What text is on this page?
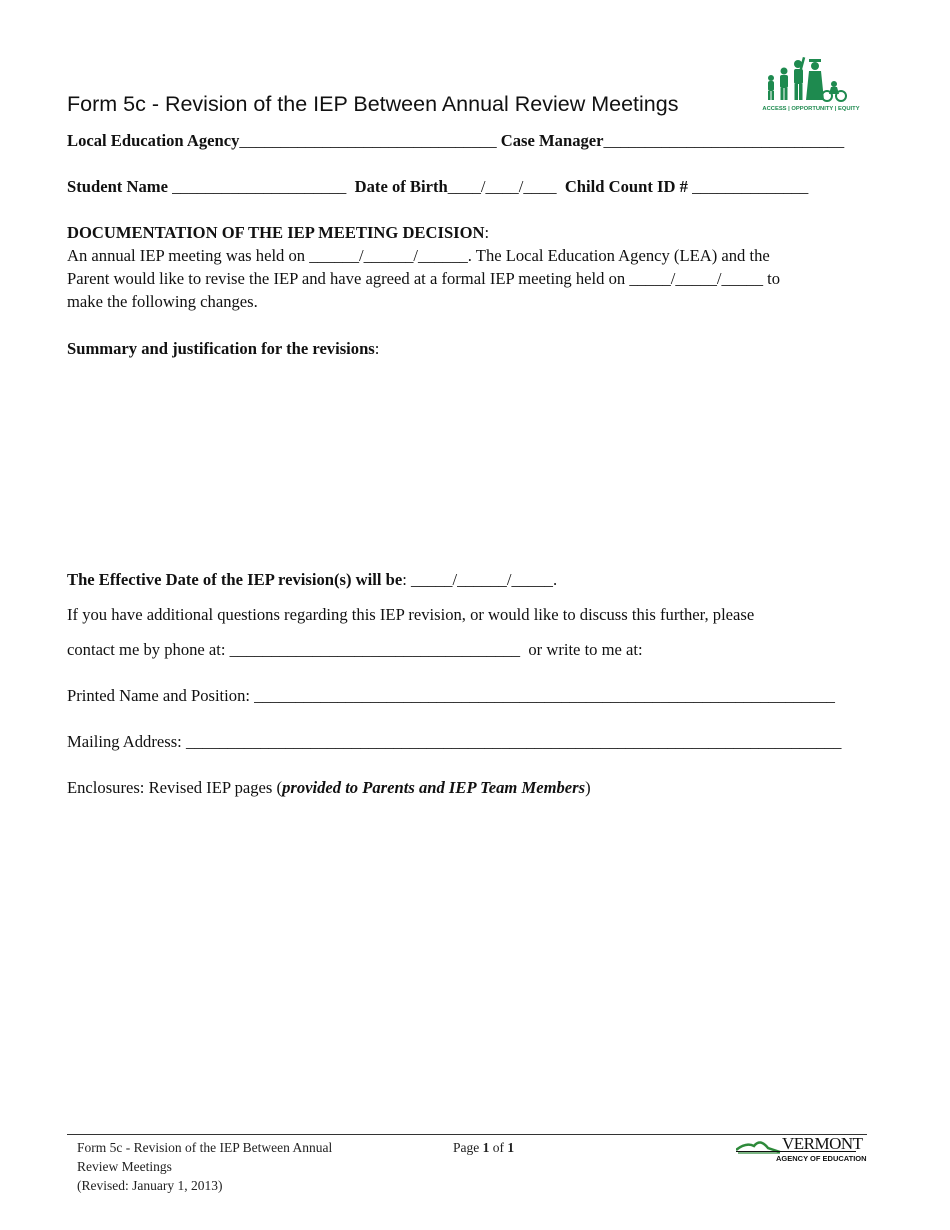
Form 5c - Revision of the IEP Between Annual Review Meetings	ACCESS | OPPORTUNITY | EQUITY
Local Education Agency_______________________________ Case Manager_____________________________
Student Name _____________________ Date of Birth____/____/____ Child Count ID # ______________
DOCUMENTATION OF THE IEP MEETING DECISION:
An annual IEP meeting was held on ______/______/______. The Local Education Agency (LEA) and the
Parent would like to revise the IEP and have agreed at a formal IEP meeting held on _____/_____/_____ to
make the following changes.
Summary and justification for the revisions:
The Effective Date of the IEP revision(s) will be: _____/______/_____.
If you have additional questions regarding this IEP revision, or would like to discuss this further, please
contact me by phone at: ___________________________________ or write to me at:
Printed Name and Position: ______________________________________________________________________
Mailing Address: _______________________________________________________________________________
Enclosures: Revised IEP pages (provided to Parents and IEP Team Members)
Form 5c - Revision of the IEP Between Annual
Review Meetings
(Revised: January 1, 2013)
Page 1 of 1	VERMONT
AGENCY OF EDUCATION
